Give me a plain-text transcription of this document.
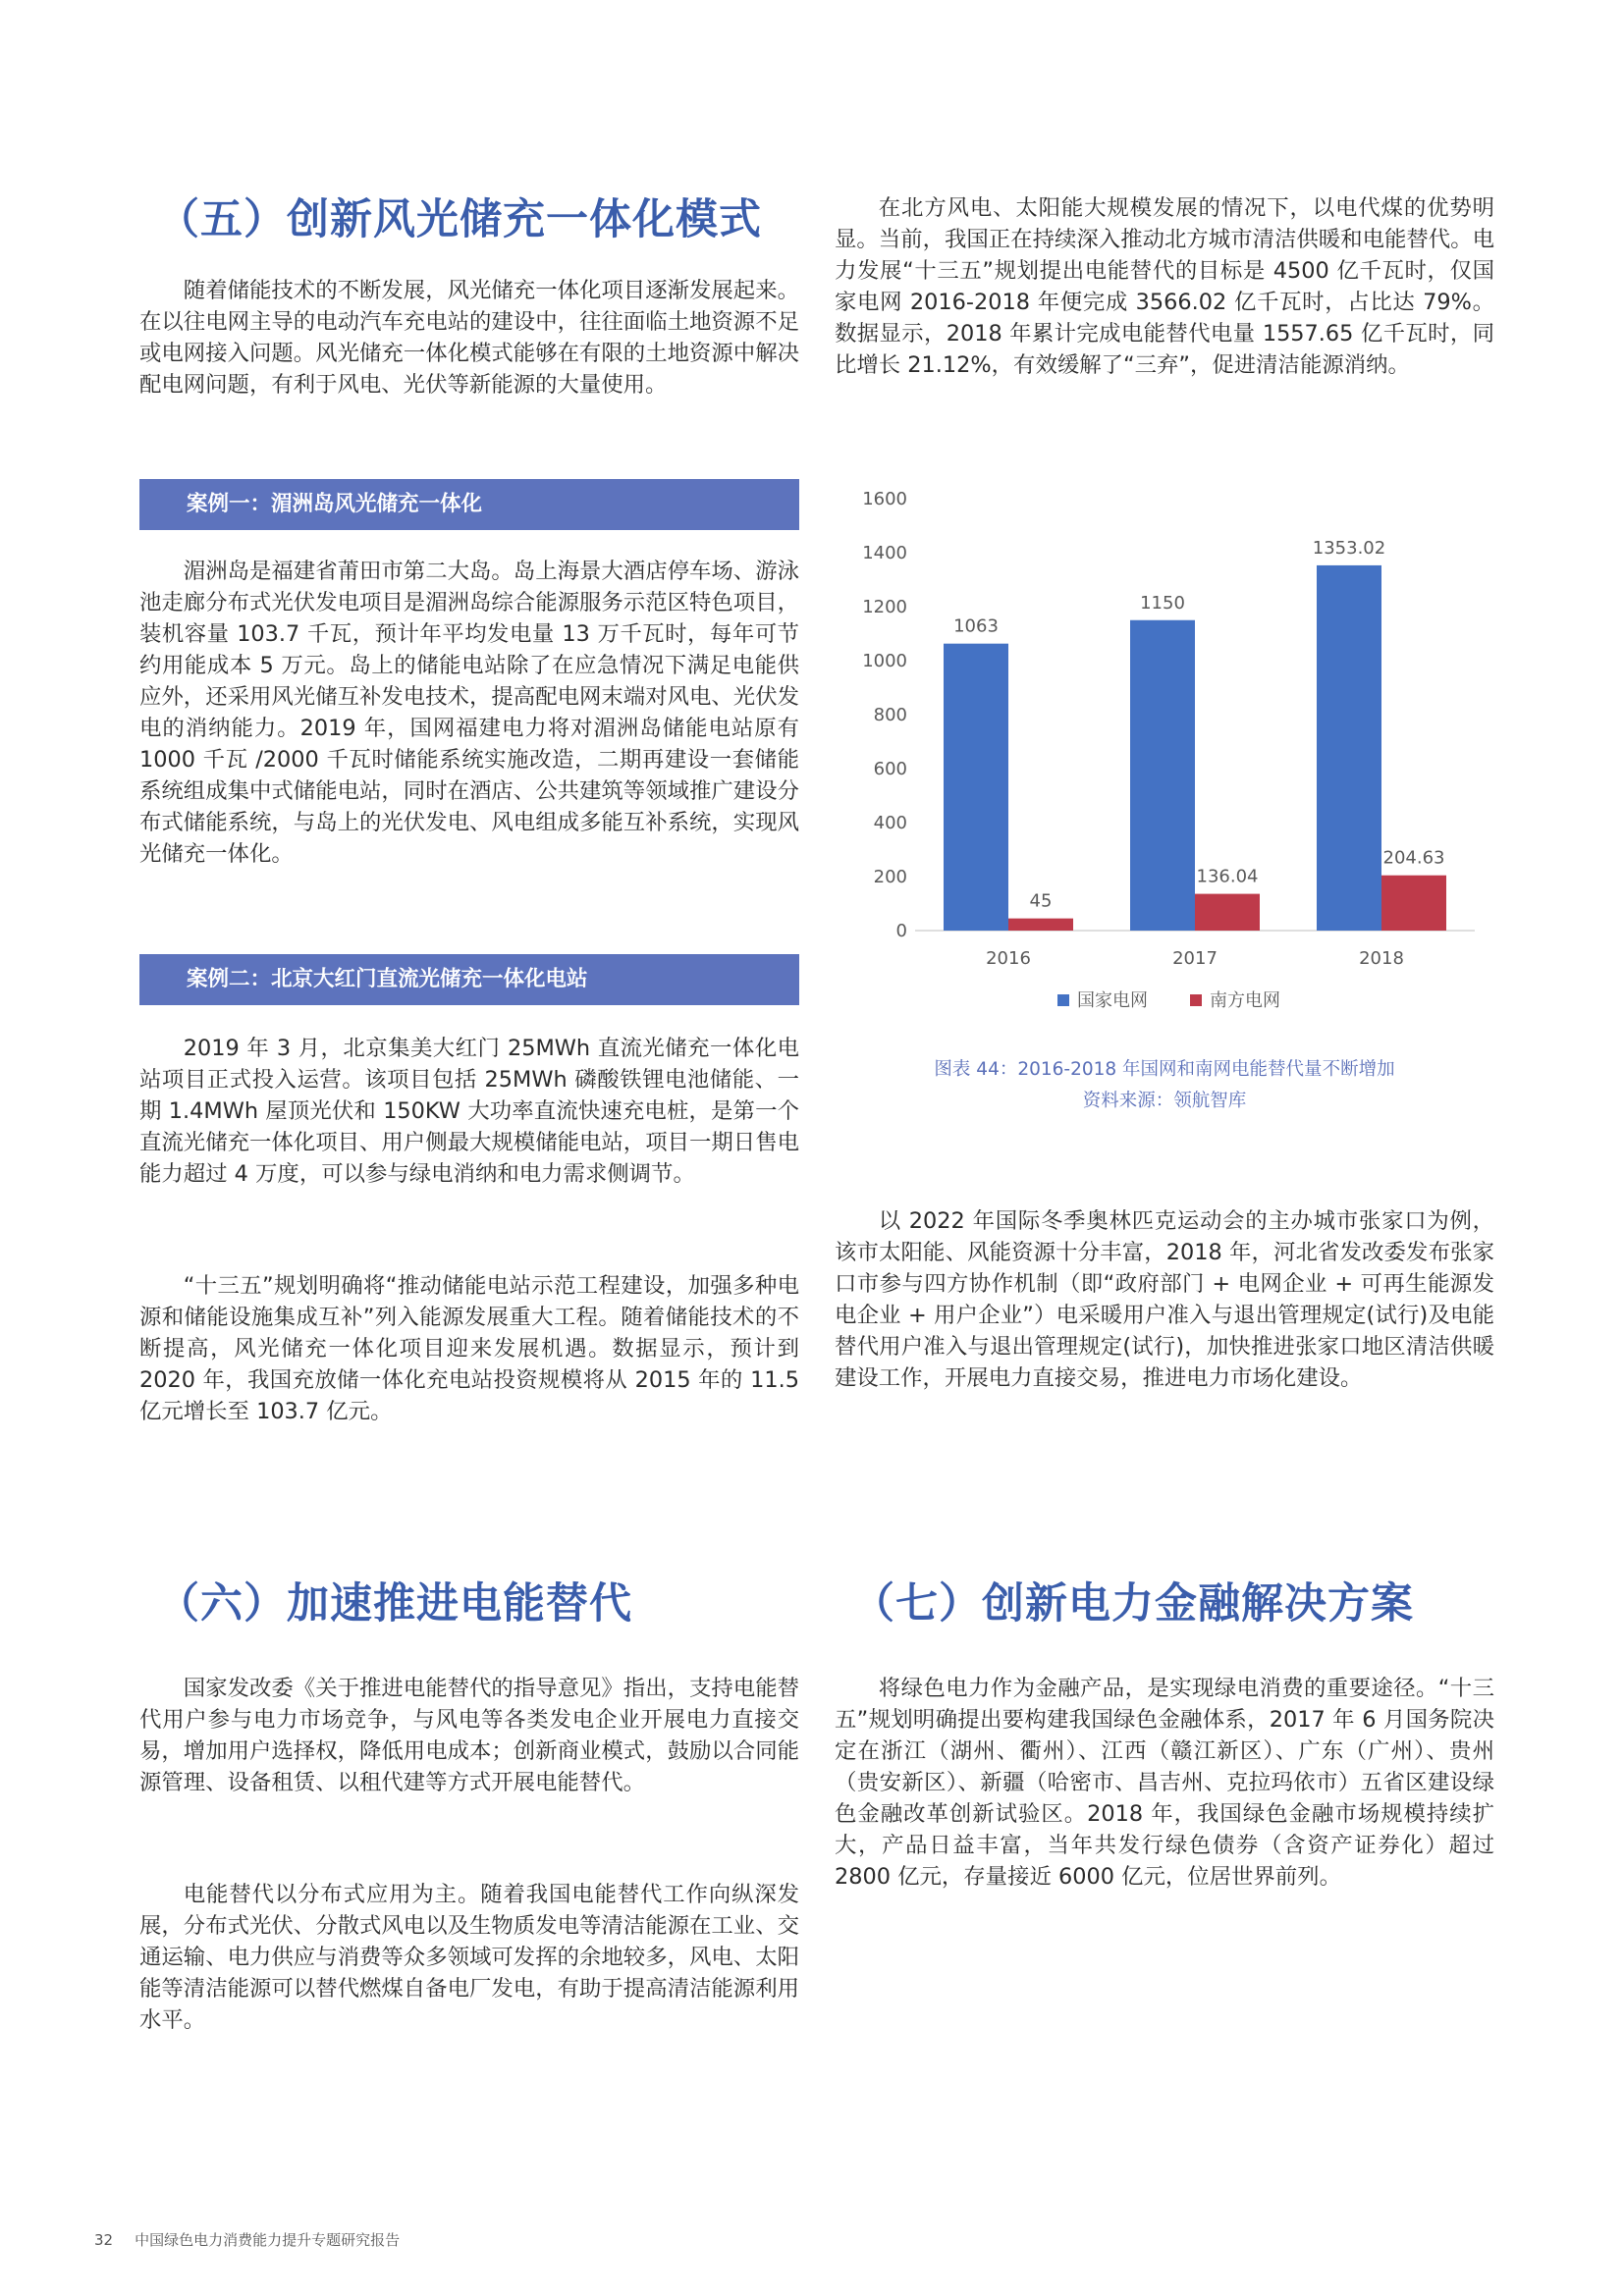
（五）创新风光储充一体化模式

随着储能技术的不断发展，风光储充一体化项目逐渐发展起来。在以往电网主导的电动汽车充电站的建设中，往往面临土地资源不足或电网接入问题。风光储充一体化模式能够在有限的土地资源中解决配电网问题，有利于风电、光伏等新能源的大量使用。

案例一：湄洲岛风光储充一体化

湄洲岛是福建省莆田市第二大岛。岛上海景大酒店停车场、游泳池走廊分布式光伏发电项目是湄洲岛综合能源服务示范区特色项目，装机容量 103.7 千瓦，预计年平均发电量 13 万千瓦时，每年可节约用能成本 5 万元。岛上的储能电站除了在应急情况下满足电能供应外，还采用风光储互补发电技术，提高配电网末端对风电、光伏发电的消纳能力。2019 年，国网福建电力将对湄洲岛储能电站原有 1000 千瓦 /2000 千瓦时储能系统实施改造，二期再建设一套储能系统组成集中式储能电站，同时在酒店、公共建筑等领域推广建设分布式储能系统，与岛上的光伏发电、风电组成多能互补系统，实现风光储充一体化。

案例二：北京大红门直流光储充一体化电站

2019 年 3 月，北京集美大红门 25MWh 直流光储充一体化电站项目正式投入运营。该项目包括 25MWh 磷酸铁锂电池储能、一期 1.4MWh 屋顶光伏和 150KW 大功率直流快速充电桩，是第一个直流光储充一体化项目、用户侧最大规模储能电站，项目一期日售电能力超过 4 万度，可以参与绿电消纳和电力需求侧调节。

“十三五”规划明确将“推动储能电站示范工程建设，加强多种电源和储能设施集成互补”列入能源发展重大工程。随着储能技术的不断提高，风光储充一体化项目迎来发展机遇。数据显示，预计到 2020 年，我国充放储一体化充电站投资规模将从 2015 年的 11.5 亿元增长至 103.7 亿元。

（六）加速推进电能替代

国家发改委《关于推进电能替代的指导意见》指出，支持电能替代用户参与电力市场竞争，与风电等各类发电企业开展电力直接交易，增加用户选择权，降低用电成本；创新商业模式，鼓励以合同能源管理、设备租赁、以租代建等方式开展电能替代。

电能替代以分布式应用为主。随着我国电能替代工作向纵深发展，分布式光伏、分散式风电以及生物质发电等清洁能源在工业、交通运输、电力供应与消费等众多领域可发挥的余地较多，风电、太阳能等清洁能源可以替代燃煤自备电厂发电，有助于提高清洁能源利用水平。

在北方风电、太阳能大规模发展的情况下，以电代煤的优势明显。当前，我国正在持续深入推动北方城市清洁供暖和电能替代。电力发展“十三五”规划提出电能替代的目标是 4500 亿千瓦时，仅国家电网 2016-2018 年便完成 3566.02 亿千瓦时，占比达 79%。数据显示，2018 年累计完成电能替代电量 1557.65 亿千瓦时，同比增长 21.12%，有效缓解了“三弃”，促进清洁能源消纳。

0
200
400
600
800
1000
1200
1400
1600
1063
45
1150
136.04
1353.02
204.63
2016	2017	2018
国家电网	南方电网

图表 44：2016-2018 年国网和南网电能替代量不断增加

资料来源：领航智库

以 2022 年国际冬季奥林匹克运动会的主办城市张家口为例，该市太阳能、风能资源十分丰富，2018 年，河北省发改委发布张家口市参与四方协作机制（即“政府部门 + 电网企业 + 可再生能源发电企业 + 用户企业”）电采暖用户准入与退出管理规定(试行)及电能替代用户准入与退出管理规定(试行)，加快推进张家口地区清洁供暖建设工作，开展电力直接交易，推进电力市场化建设。

（七）创新电力金融解决方案

将绿色电力作为金融产品，是实现绿电消费的重要途径。“十三五”规划明确提出要构建我国绿色金融体系，2017 年 6 月国务院决定在浙江（湖州、衢州）、江西（赣江新区）、广东（广州）、贵州（贵安新区）、新疆（哈密市、昌吉州、克拉玛依市）五省区建设绿色金融改革创新试验区。2018 年，我国绿色金融市场规模持续扩大，产品日益丰富，当年共发行绿色债券（含资产证券化）超过 2800 亿元，存量接近 6000 亿元，位居世界前列。

32 中国绿色电力消费能力提升专题研究报告
